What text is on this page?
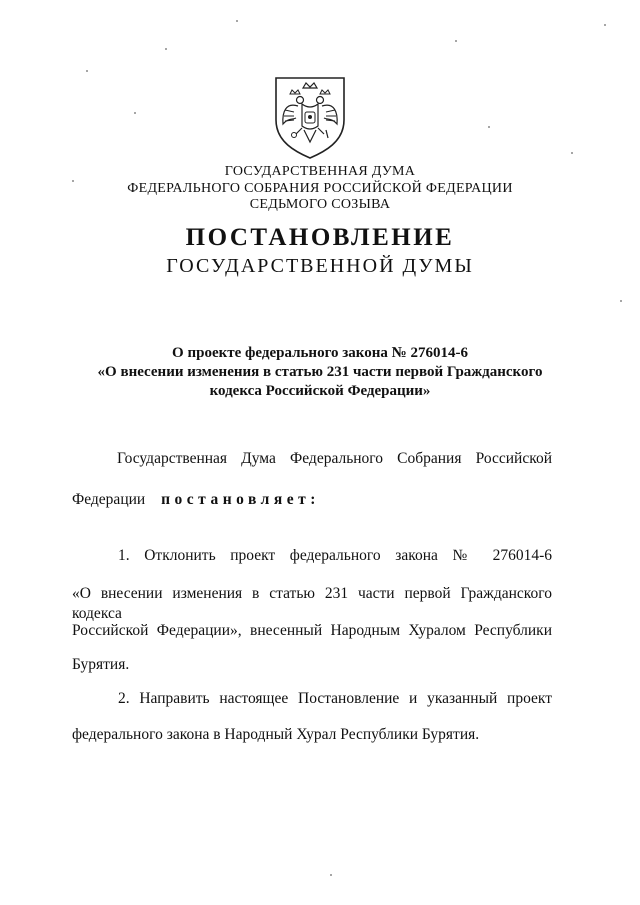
ГОСУДАРСТВЕННАЯ ДУМА
ФЕДЕРАЛЬНОГО СОБРАНИЯ РОССИЙСКОЙ ФЕДЕРАЦИИ
СЕДЬМОГО СОЗЫВА
ПОСТАНОВЛЕНИЕ
ГОСУДАРСТВЕННОЙ ДУМЫ
О проекте федерального закона № 276014-6
«О внесении изменения в статью 231 части первой Гражданского
кодекса Российской Федерации»
Государственная Дума Федерального Собрания Российской
Федерации постановляет:
1. Отклонить проект федерального закона № 276014-6
«О внесении изменения в статью 231 части первой Гражданского кодекса
Российской Федерации», внесенный Народным Хуралом Республики
Бурятия.
2. Направить настоящее Постановление и указанный проект
федерального закона в Народный Хурал Республики Бурятия.
